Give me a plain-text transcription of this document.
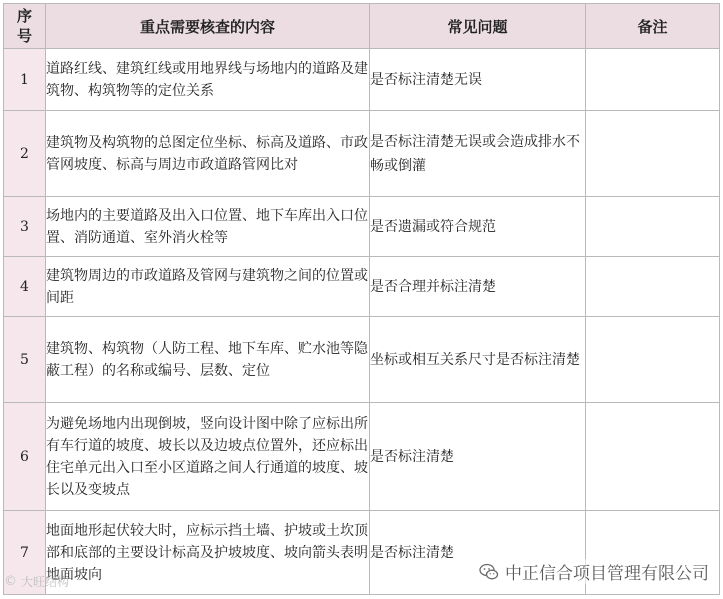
序号	重点需要核查的内容	常见问题	备注
1	道路红线、建筑红线或用地界线与场地内的道路及建筑物、构筑物等的定位关系	是否标注清楚无误	
2	建筑物及构筑物的总图定位坐标、标高及道路、市政管网坡度、标高与周边市政道路管网比对	是否标注清楚无误或会造成排水不畅或倒灌	
3	场地内的主要道路及出入口位置、地下车库出入口位置、消防通道、室外消火栓等	是否遗漏或符合规范	
4	建筑物周边的市政道路及管网与建筑物之间的位置或间距	是否合理并标注清楚	
5	建筑物、构筑物（人防工程、地下车库、贮水池等隐蔽工程）的名称或编号、层数、定位	坐标或相互关系尺寸是否标注清楚	
6	为避免场地内出现倒坡，竖向设计图中除了应标出所有车行道的坡度、坡长以及边坡点位置外，还应标出住宅单元出入口至小区道路之间人行通道的坡度、坡长以及变坡点	是否标注清楚	
7	地面地形起伏较大时，应标示挡土墙、护坡或土坎顶部和底部的主要设计标高及护坡坡度、坡向箭头表明地面坡向	是否标注清楚	
© 大旺结构	中正信合项目管理有限公司
